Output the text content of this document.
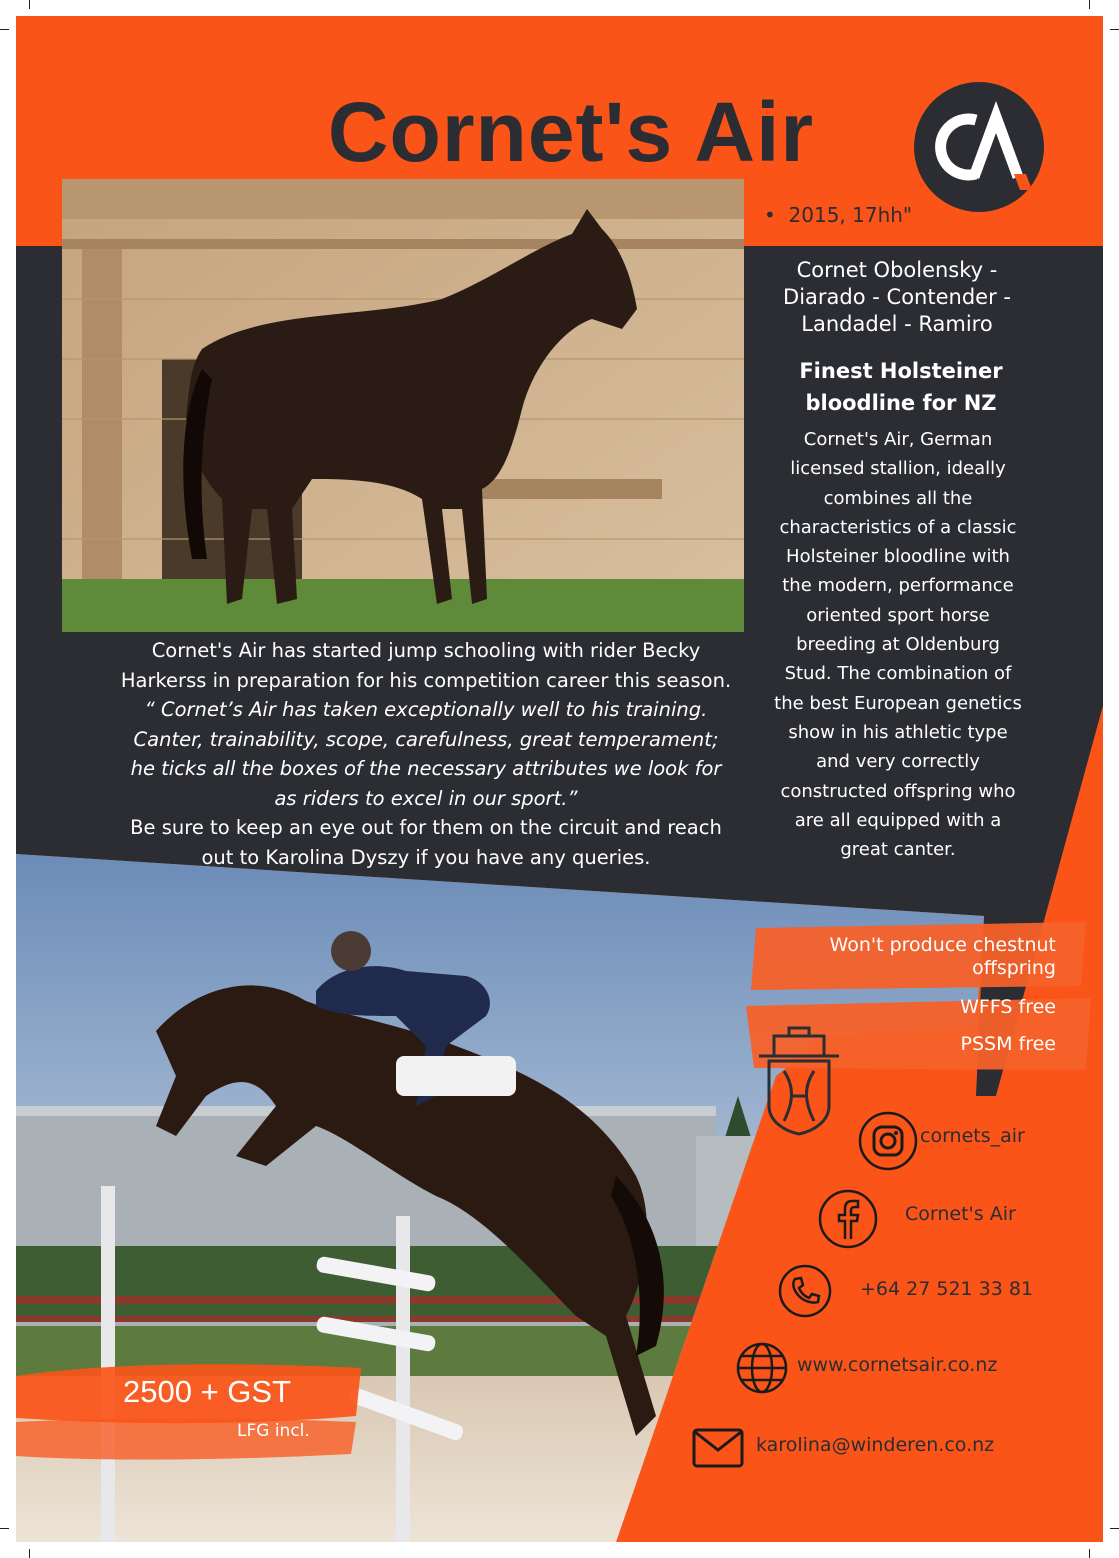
Cornet's Air
•  2015, 17hh"
Cornet Obolensky -
Diarado - Contender -
Landadel - Ramiro
Finest Holsteiner
bloodline for NZ
Cornet's Air, German
licensed stallion, ideally
combines all the
characteristics of a classic
Holsteiner bloodline with
the modern, performance
oriented sport horse
breeding at Oldenburg
Stud. The combination of
the best European genetics
show in his athletic type
and very correctly
constructed offspring who
are all equipped with a
great canter.
Cornet's Air has started jump schooling with rider Becky
Harkerss in preparation for his competition career this season.
“ Cornet’s Air has taken exceptionally well to his training.
Canter, trainability, scope, carefulness, great temperament;
he ticks all the boxes of the necessary attributes we look for
as riders to excel in our sport.”
Be sure to keep an eye out for them on the circuit and reach
out to Karolina Dyszy if you have any queries.
Won't produce chestnut
offspring
WFFS free
PSSM free
cornets_air
Cornet's Air
+64 27 521 33 81
www.cornetsair.co.nz
karolina@winderen.co.nz
2500 + GST
LFG incl.
